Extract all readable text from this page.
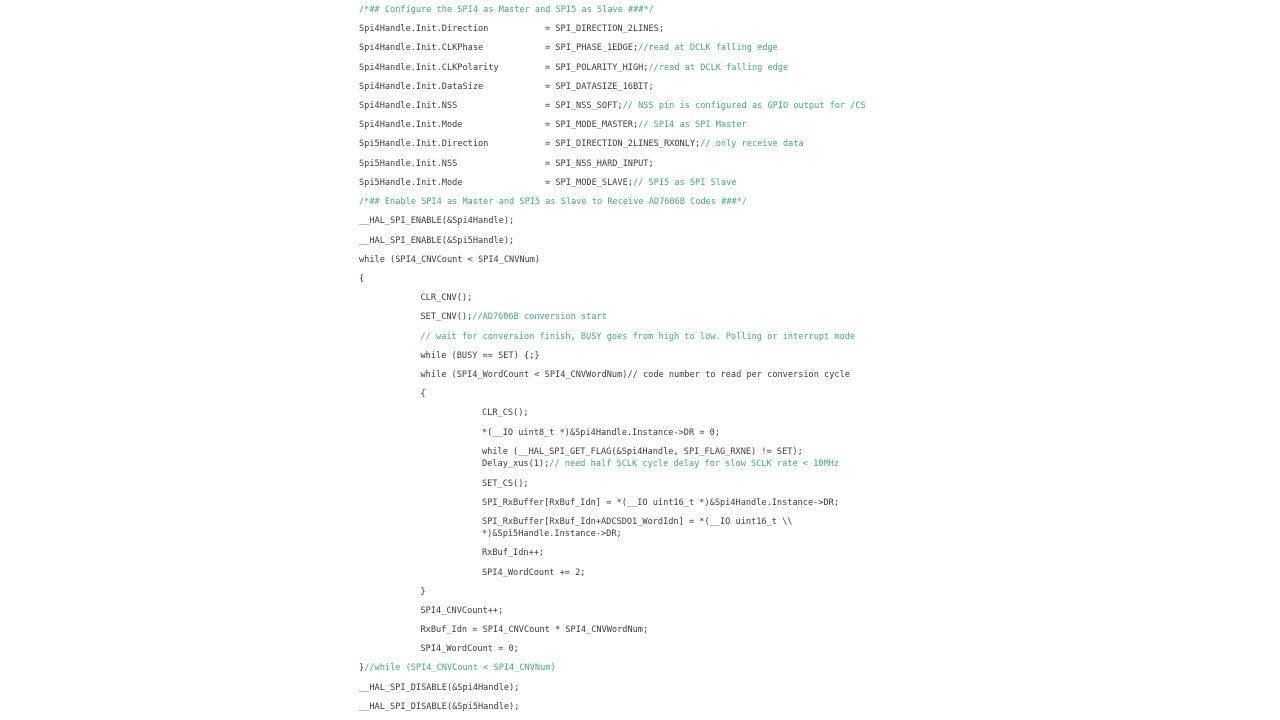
/*## Configure the SPI4 as Master and SPI5 as Slave ###*/
Spi4Handle.Init.Direction	= SPI_DIRECTION_2LINES;
Spi4Handle.Init.CLKPhase	= SPI_PHASE_1EDGE;//read at DCLK falling edge
Spi4Handle.Init.CLKPolarity	= SPI_POLARITY_HIGH;//read at DCLK falling edge
Spi4Handle.Init.DataSize	= SPI_DATASIZE_16BIT;
Spi4Handle.Init.NSS	= SPI_NSS_SOFT;// NSS pin is configured as GPIO output for /CS
Spi4Handle.Init.Mode	= SPI_MODE_MASTER;// SPI4 as SPI Master
Spi5Handle.Init.Direction	= SPI_DIRECTION_2LINES_RXONLY;// only receive data
Spi5Handle.Init.NSS	= SPI_NSS_HARD_INPUT;
Spi5Handle.Init.Mode	= SPI_MODE_SLAVE;// SPI5 as SPI Slave
/*## Enable SPI4 as Master and SPI5 as Slave to Receive AD7606B Codes ###*/
__HAL_SPI_ENABLE(&Spi4Handle);
__HAL_SPI_ENABLE(&Spi5Handle);
while (SPI4_CNVCount < SPI4_CNVNum)
{
CLR_CNV();
SET_CNV();//AD7606B conversion start
// wait for conversion finish, BUSY goes from high to low. Polling or interrupt mode
while (BUSY == SET) {;}
while (SPI4_WordCount < SPI4_CNVWordNum)// code number to read per conversion cycle
{
CLR_CS();
*(__IO uint8_t *)&Spi4Handle.Instance->DR = 0;
while (__HAL_SPI_GET_FLAG(&Spi4Handle, SPI_FLAG_RXNE) != SET);
Delay_xus(1);// need half SCLK cycle delay for slow SCLK rate < 10MHz
SET_CS();
SPI_RxBuffer[RxBuf_Idn] = *(__IO uint16_t *)&Spi4Handle.Instance->DR;
SPI_RxBuffer[RxBuf_Idn+ADCSDO1_WordIdn] = *(__IO uint16_t \\
*)&Spi5Handle.Instance->DR;
RxBuf_Idn++;
SPI4_WordCount += 2;
}
SPI4_CNVCount++;
RxBuf_Idn = SPI4_CNVCount * SPI4_CNVWordNum;
SPI4_WordCount = 0;
}//while (SPI4_CNVCount < SPI4_CNVNum)
__HAL_SPI_DISABLE(&Spi4Handle);
__HAL_SPI_DISABLE(&Spi5Handle);
